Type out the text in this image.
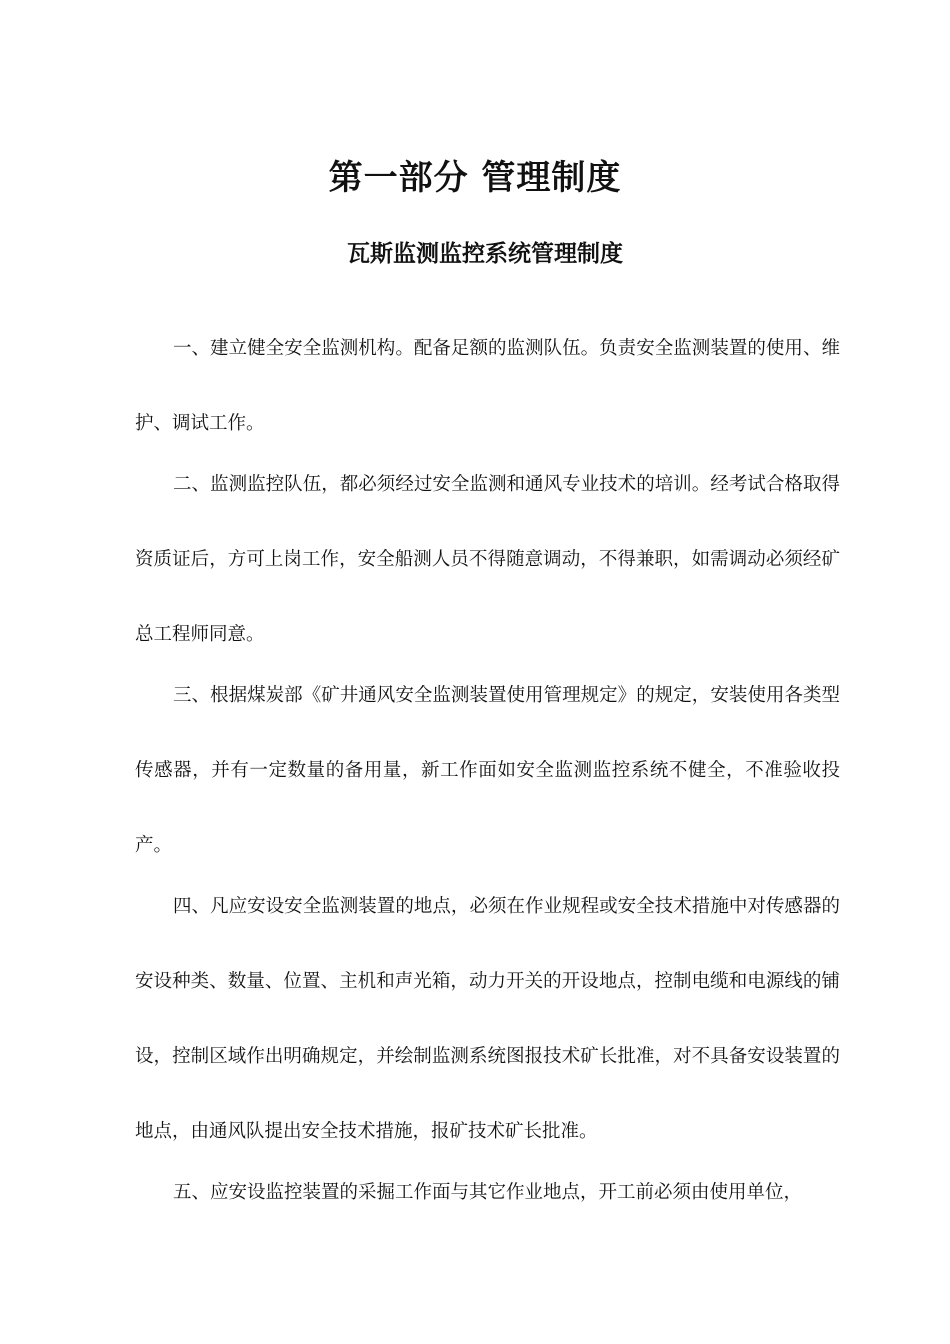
第一部分 管理制度
瓦斯监测监控系统管理制度

一、建立健全安全监测机构。配备足额的监测队伍。负责安全监测装置的使用、维护、调试工作。

二、监测监控队伍，都必须经过安全监测和通风专业技术的培训。经考试合格取得资质证后，方可上岗工作，安全船测人员不得随意调动，不得兼职，如需调动必须经矿总工程师同意。

三、根据煤炭部《矿井通风安全监测装置使用管理规定》的规定，安装使用各类型传感器，并有一定数量的备用量，新工作面如安全监测监控系统不健全，不准验收投产。

四、凡应安设安全监测装置的地点，必须在作业规程或安全技术措施中对传感器的安设种类、数量、位置、主机和声光箱，动力开关的开设地点，控制电缆和电源线的铺设，控制区域作出明确规定，并绘制监测系统图报技术矿长批准，对不具备安设装置的地点，由通风队提出安全技术措施，报矿技术矿长批准。

五、应安设监控装置的采掘工作面与其它作业地点，开工前必须由使用单位，
